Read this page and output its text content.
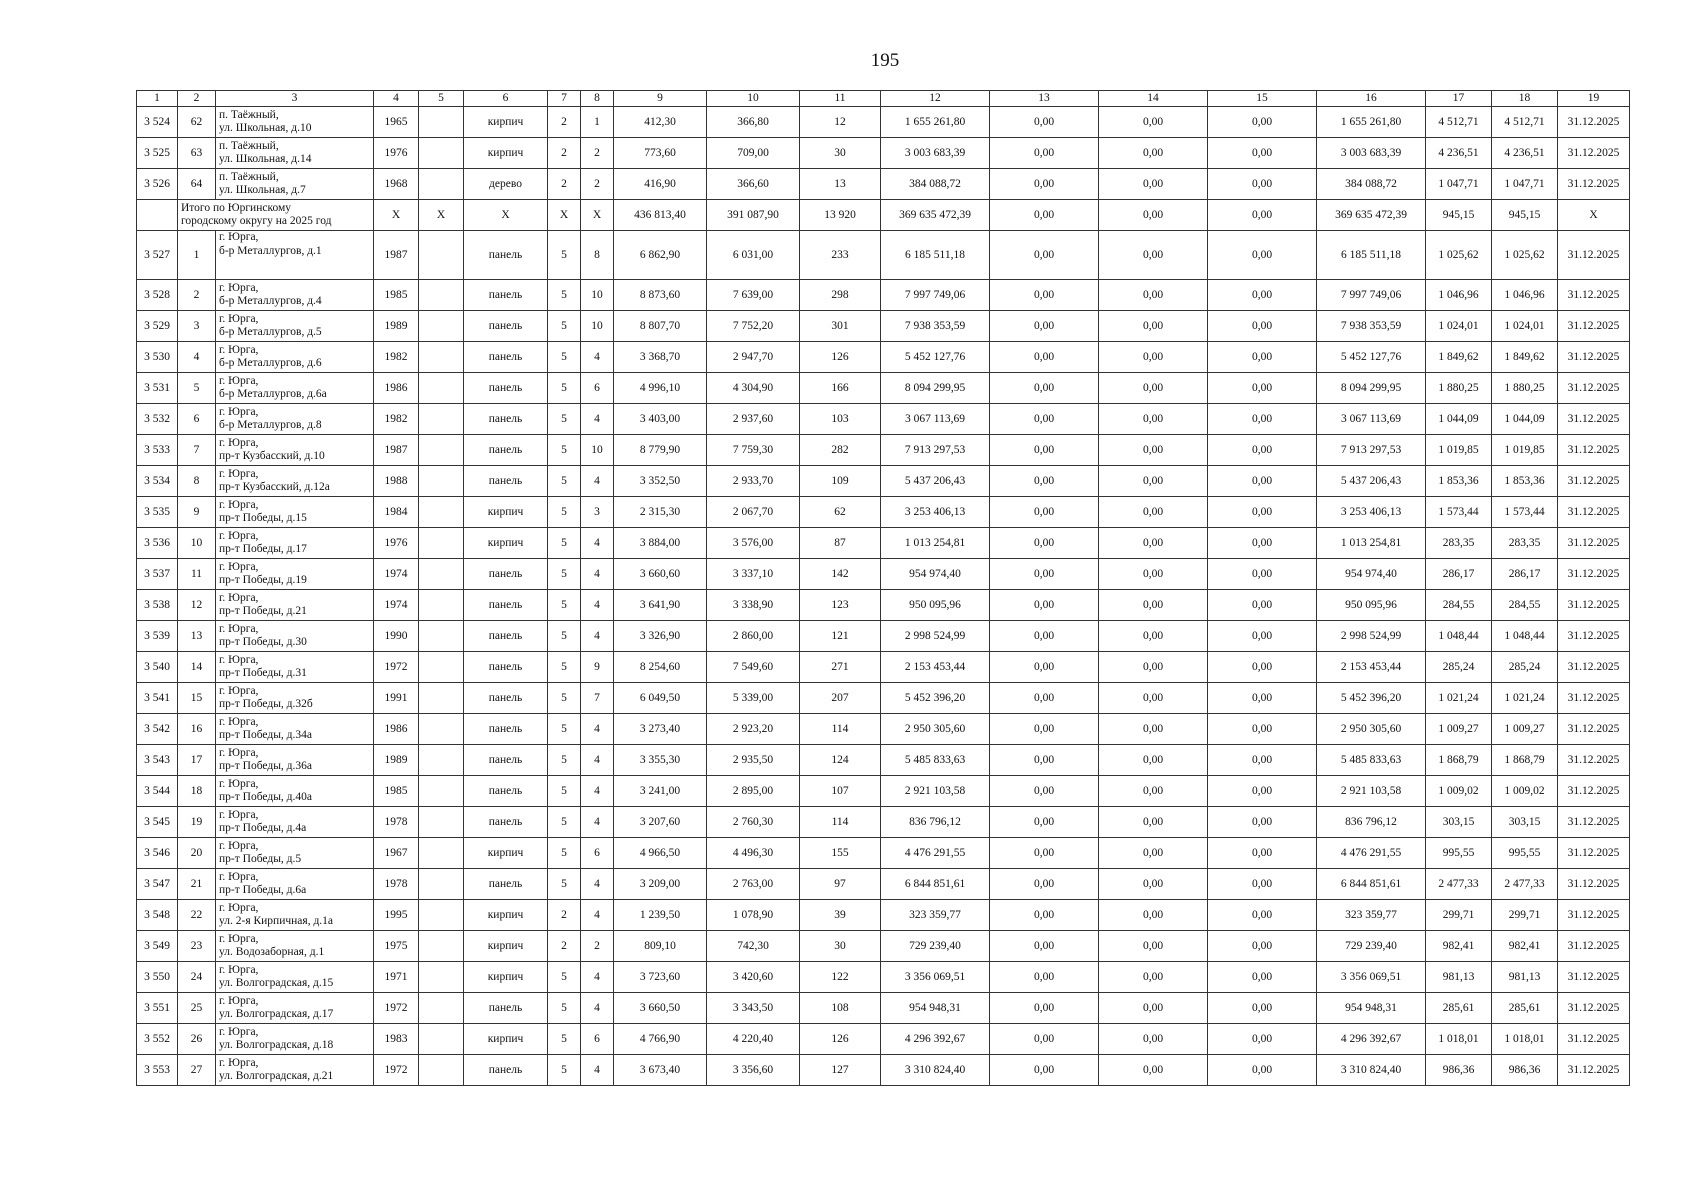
195
1	2	3	4	5	6	7	8	9	10	11	12	13	14	15	16	17	18	19
3 524	62	п. Таёжный,
ул. Школьная, д.10	1965		кирпич	2	1	412,30	366,80	12	1 655 261,80	0,00	0,00	0,00	1 655 261,80	4 512,71	4 512,71	31.12.2025
3 525	63	п. Таёжный,
ул. Школьная, д.14	1976		кирпич	2	2	773,60	709,00	30	3 003 683,39	0,00	0,00	0,00	3 003 683,39	4 236,51	4 236,51	31.12.2025
3 526	64	п. Таёжный,
ул. Школьная, д.7	1968		дерево	2	2	416,90	366,60	13	384 088,72	0,00	0,00	0,00	384 088,72	1 047,71	1 047,71	31.12.2025
	Итого по Юргинскому
городскому округу на 2025 год		X	X	X	X	X	436 813,40	391 087,90	13 920	369 635 472,39	0,00	0,00	0,00	369 635 472,39	945,15	945,15	X
3 527	1	г. Юрга,
б-р Металлургов, д.1	1987		панель	5	8	6 862,90	6 031,00	233	6 185 511,18	0,00	0,00	0,00	6 185 511,18	1 025,62	1 025,62	31.12.2025
3 528	2	г. Юрга,
б-р Металлургов, д.4	1985		панель	5	10	8 873,60	7 639,00	298	7 997 749,06	0,00	0,00	0,00	7 997 749,06	1 046,96	1 046,96	31.12.2025
3 529	3	г. Юрга,
б-р Металлургов, д.5	1989		панель	5	10	8 807,70	7 752,20	301	7 938 353,59	0,00	0,00	0,00	7 938 353,59	1 024,01	1 024,01	31.12.2025
3 530	4	г. Юрга,
б-р Металлургов, д.6	1982		панель	5	4	3 368,70	2 947,70	126	5 452 127,76	0,00	0,00	0,00	5 452 127,76	1 849,62	1 849,62	31.12.2025
3 531	5	г. Юрга,
б-р Металлургов, д.6а	1986		панель	5	6	4 996,10	4 304,90	166	8 094 299,95	0,00	0,00	0,00	8 094 299,95	1 880,25	1 880,25	31.12.2025
3 532	6	г. Юрга,
б-р Металлургов, д.8	1982		панель	5	4	3 403,00	2 937,60	103	3 067 113,69	0,00	0,00	0,00	3 067 113,69	1 044,09	1 044,09	31.12.2025
3 533	7	г. Юрга,
пр-т Кузбасский, д.10	1987		панель	5	10	8 779,90	7 759,30	282	7 913 297,53	0,00	0,00	0,00	7 913 297,53	1 019,85	1 019,85	31.12.2025
3 534	8	г. Юрга,
пр-т Кузбасский, д.12а	1988		панель	5	4	3 352,50	2 933,70	109	5 437 206,43	0,00	0,00	0,00	5 437 206,43	1 853,36	1 853,36	31.12.2025
3 535	9	г. Юрга,
пр-т Победы, д.15	1984		кирпич	5	3	2 315,30	2 067,70	62	3 253 406,13	0,00	0,00	0,00	3 253 406,13	1 573,44	1 573,44	31.12.2025
3 536	10	г. Юрга,
пр-т Победы, д.17	1976		кирпич	5	4	3 884,00	3 576,00	87	1 013 254,81	0,00	0,00	0,00	1 013 254,81	283,35	283,35	31.12.2025
3 537	11	г. Юрга,
пр-т Победы, д.19	1974		панель	5	4	3 660,60	3 337,10	142	954 974,40	0,00	0,00	0,00	954 974,40	286,17	286,17	31.12.2025
3 538	12	г. Юрга,
пр-т Победы, д.21	1974		панель	5	4	3 641,90	3 338,90	123	950 095,96	0,00	0,00	0,00	950 095,96	284,55	284,55	31.12.2025
3 539	13	г. Юрга,
пр-т Победы, д.30	1990		панель	5	4	3 326,90	2 860,00	121	2 998 524,99	0,00	0,00	0,00	2 998 524,99	1 048,44	1 048,44	31.12.2025
3 540	14	г. Юрга,
пр-т Победы, д.31	1972		панель	5	9	8 254,60	7 549,60	271	2 153 453,44	0,00	0,00	0,00	2 153 453,44	285,24	285,24	31.12.2025
3 541	15	г. Юрга,
пр-т Победы, д.32б	1991		панель	5	7	6 049,50	5 339,00	207	5 452 396,20	0,00	0,00	0,00	5 452 396,20	1 021,24	1 021,24	31.12.2025
3 542	16	г. Юрга,
пр-т Победы, д.34а	1986		панель	5	4	3 273,40	2 923,20	114	2 950 305,60	0,00	0,00	0,00	2 950 305,60	1 009,27	1 009,27	31.12.2025
3 543	17	г. Юрга,
пр-т Победы, д.36а	1989		панель	5	4	3 355,30	2 935,50	124	5 485 833,63	0,00	0,00	0,00	5 485 833,63	1 868,79	1 868,79	31.12.2025
3 544	18	г. Юрга,
пр-т Победы, д.40а	1985		панель	5	4	3 241,00	2 895,00	107	2 921 103,58	0,00	0,00	0,00	2 921 103,58	1 009,02	1 009,02	31.12.2025
3 545	19	г. Юрга,
пр-т Победы, д.4а	1978		панель	5	4	3 207,60	2 760,30	114	836 796,12	0,00	0,00	0,00	836 796,12	303,15	303,15	31.12.2025
3 546	20	г. Юрга,
пр-т Победы, д.5	1967		кирпич	5	6	4 966,50	4 496,30	155	4 476 291,55	0,00	0,00	0,00	4 476 291,55	995,55	995,55	31.12.2025
3 547	21	г. Юрга,
пр-т Победы, д.6а	1978		панель	5	4	3 209,00	2 763,00	97	6 844 851,61	0,00	0,00	0,00	6 844 851,61	2 477,33	2 477,33	31.12.2025
3 548	22	г. Юрга,
ул. 2-я Кирпичная, д.1а	1995		кирпич	2	4	1 239,50	1 078,90	39	323 359,77	0,00	0,00	0,00	323 359,77	299,71	299,71	31.12.2025
3 549	23	г. Юрга,
ул. Водозаборная, д.1	1975		кирпич	2	2	809,10	742,30	30	729 239,40	0,00	0,00	0,00	729 239,40	982,41	982,41	31.12.2025
3 550	24	г. Юрга,
ул. Волгоградская, д.15	1971		кирпич	5	4	3 723,60	3 420,60	122	3 356 069,51	0,00	0,00	0,00	3 356 069,51	981,13	981,13	31.12.2025
3 551	25	г. Юрга,
ул. Волгоградская, д.17	1972		панель	5	4	3 660,50	3 343,50	108	954 948,31	0,00	0,00	0,00	954 948,31	285,61	285,61	31.12.2025
3 552	26	г. Юрга,
ул. Волгоградская, д.18	1983		кирпич	5	6	4 766,90	4 220,40	126	4 296 392,67	0,00	0,00	0,00	4 296 392,67	1 018,01	1 018,01	31.12.2025
3 553	27	г. Юрга,
ул. Волгоградская, д.21	1972		панель	5	4	3 673,40	3 356,60	127	3 310 824,40	0,00	0,00	0,00	3 310 824,40	986,36	986,36	31.12.2025
